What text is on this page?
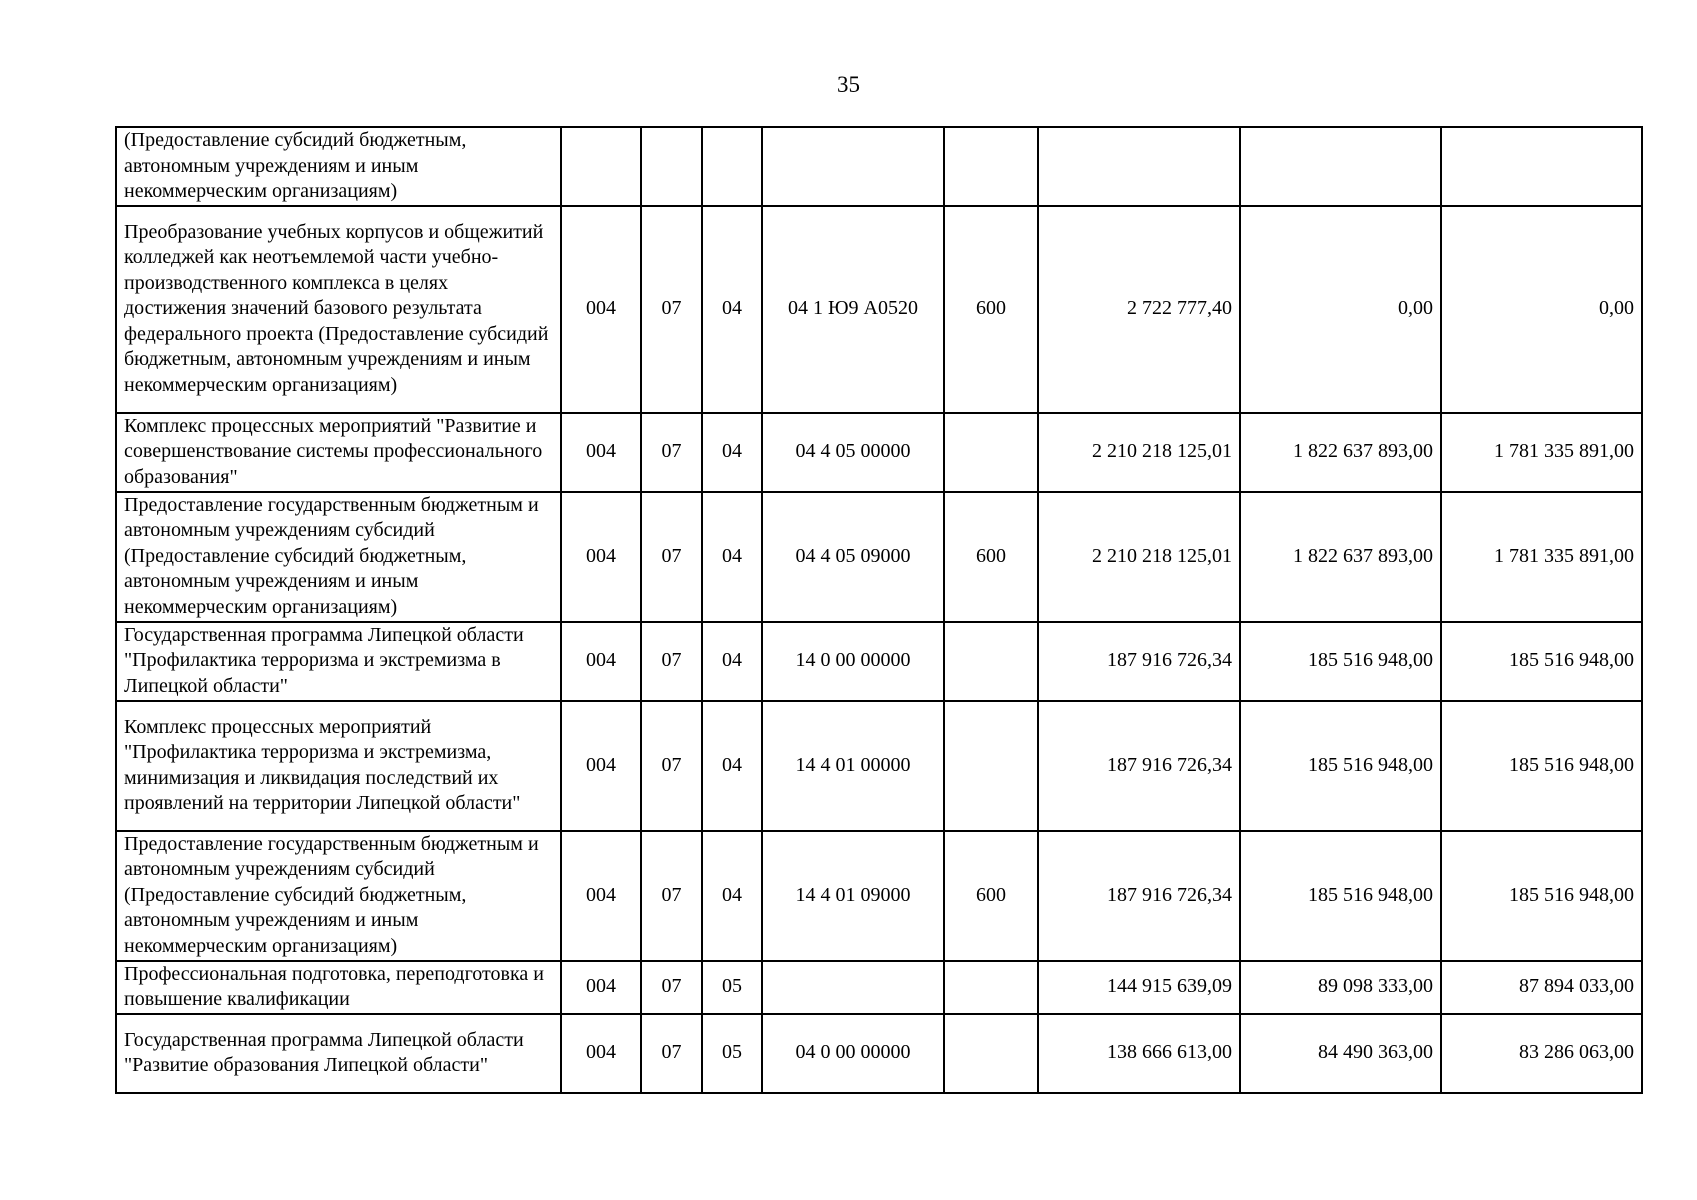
35
(Предоставление субсидий бюджетным, автономным учреждениям и иным некоммерческим организациям)								
Преобразование учебных корпусов и общежитий колледжей как неотъемлемой части учебно-производственного комплекса в целях достижения значений базового результата федерального проекта (Предоставление субсидий бюджетным, автономным учреждениям и иным некоммерческим организациям)	004	07	04	04 1 Ю9 А0520	600	2 722 777,40	0,00	0,00
Комплекс процессных мероприятий "Развитие и совершенствование системы профессионального образования"	004	07	04	04 4 05 00000		2 210 218 125,01	1 822 637 893,00	1 781 335 891,00
Предоставление государственным бюджетным и автономным учреждениям субсидий (Предоставление субсидий бюджетным, автономным учреждениям и иным некоммерческим организациям)	004	07	04	04 4 05 09000	600	2 210 218 125,01	1 822 637 893,00	1 781 335 891,00
Государственная программа Липецкой области "Профилактика терроризма и экстремизма в Липецкой области"	004	07	04	14 0 00 00000		187 916 726,34	185 516 948,00	185 516 948,00
Комплекс процессных мероприятий "Профилактика терроризма и экстремизма, минимизация и ликвидация последствий их проявлений на территории Липецкой области"	004	07	04	14 4 01 00000		187 916 726,34	185 516 948,00	185 516 948,00
Предоставление государственным бюджетным и автономным учреждениям субсидий (Предоставление субсидий бюджетным, автономным учреждениям и иным некоммерческим организациям)	004	07	04	14 4 01 09000	600	187 916 726,34	185 516 948,00	185 516 948,00
Профессиональная подготовка, переподготовка и повышение квалификации	004	07	05			144 915 639,09	89 098 333,00	87 894 033,00
Государственная программа Липецкой области "Развитие образования Липецкой области"	004	07	05	04 0 00 00000		138 666 613,00	84 490 363,00	83 286 063,00
